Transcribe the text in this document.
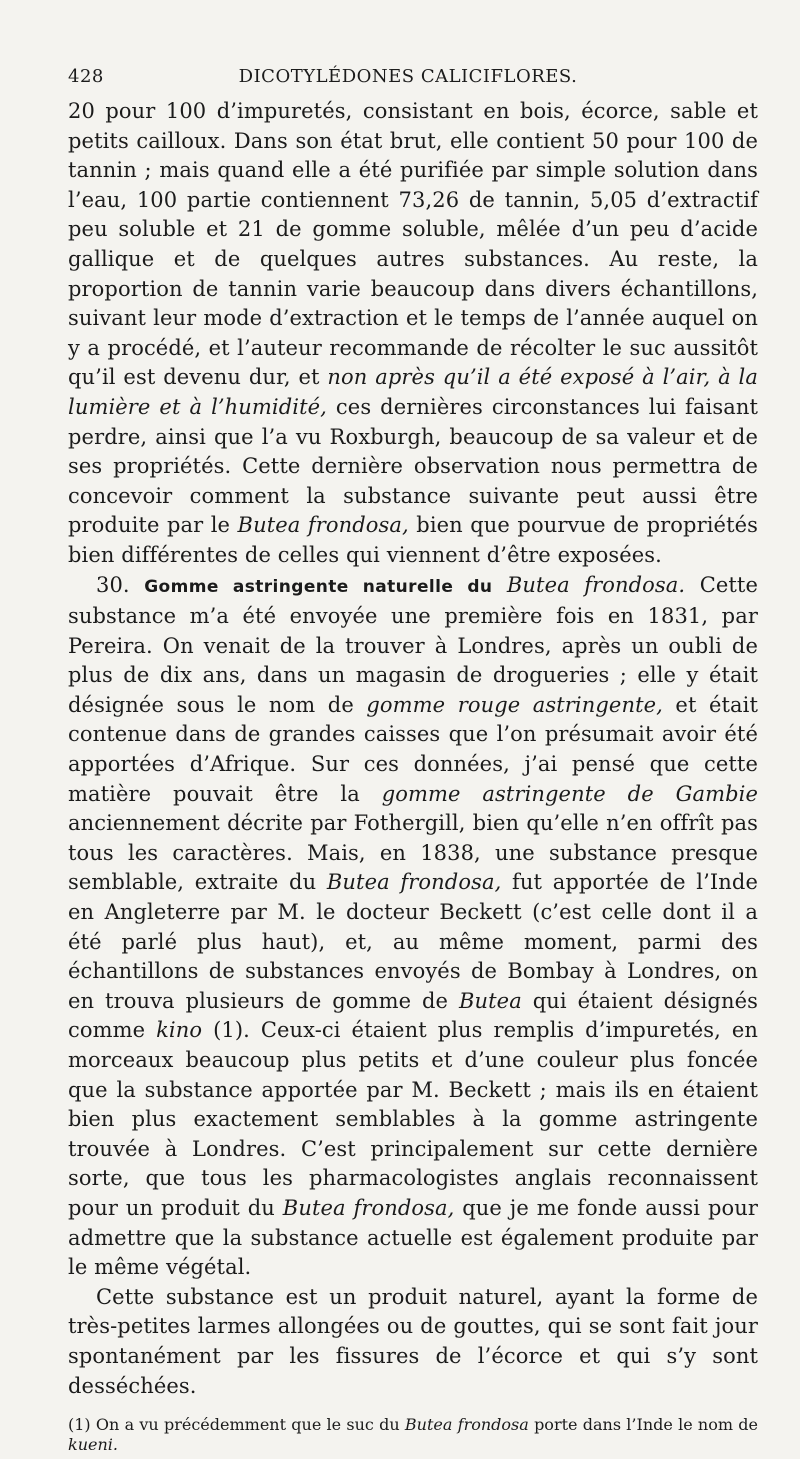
428	DICOTYLÉDONES CALICIFLORES.

20 pour 100 d’impuretés, consistant en bois, écorce, sable et petits cailloux. Dans son état brut, elle contient 50 pour 100 de tannin ; mais quand elle a été purifiée par simple solution dans l’eau, 100 partie contiennent 73,26 de tannin, 5,05 d’extractif peu soluble et 21 de gomme soluble, mêlée d’un peu d’acide gallique et de quelques autres substances. Au reste, la proportion de tannin varie beaucoup dans divers échantillons, suivant leur mode d’extraction et le temps de l’année auquel on y a procédé, et l’auteur recommande de récolter le suc aussitôt qu’il est devenu dur, et non après qu’il a été exposé à l’air, à la lumière et à l’humidité, ces dernières circonstances lui faisant perdre, ainsi que l’a vu Roxburgh, beaucoup de sa valeur et de ses propriétés. Cette dernière observation nous permettra de concevoir comment la substance suivante peut aussi être produite par le Butea frondosa, bien que pourvue de propriétés bien différentes de celles qui viennent d’être exposées.

30. Gomme astringente naturelle du Butea frondosa. Cette substance m’a été envoyée une première fois en 1831, par Pereira. On venait de la trouver à Londres, après un oubli de plus de dix ans, dans un magasin de drogueries ; elle y était désignée sous le nom de gomme rouge astringente, et était contenue dans de grandes caisses que l’on présumait avoir été apportées d’Afrique. Sur ces données, j’ai pensé que cette matière pouvait être la gomme astringente de Gambie anciennement décrite par Fothergill, bien qu’elle n’en offrît pas tous les caractères. Mais, en 1838, une substance presque semblable, extraite du Butea frondosa, fut apportée de l’Inde en Angleterre par M. le docteur Beckett (c’est celle dont il a été parlé plus haut), et, au même moment, parmi des échantillons de substances envoyés de Bombay à Londres, on en trouva plusieurs de gomme de Butea qui étaient désignés comme kino (1). Ceux-ci étaient plus remplis d’impuretés, en morceaux beaucoup plus petits et d’une couleur plus foncée que la substance apportée par M. Beckett ; mais ils en étaient bien plus exactement semblables à la gomme astringente trouvée à Londres. C’est principalement sur cette dernière sorte, que tous les pharmacologistes anglais reconnaissent pour un produit du Butea frondosa, que je me fonde aussi pour admettre que la substance actuelle est également produite par le même végétal.

Cette substance est un produit naturel, ayant la forme de très-petites larmes allongées ou de gouttes, qui se sont fait jour spontanément par les fissures de l’écorce et qui s’y sont desséchées.

(1) On a vu précédemment que le suc du Butea frondosa porte dans l’Inde le nom de kueni.
